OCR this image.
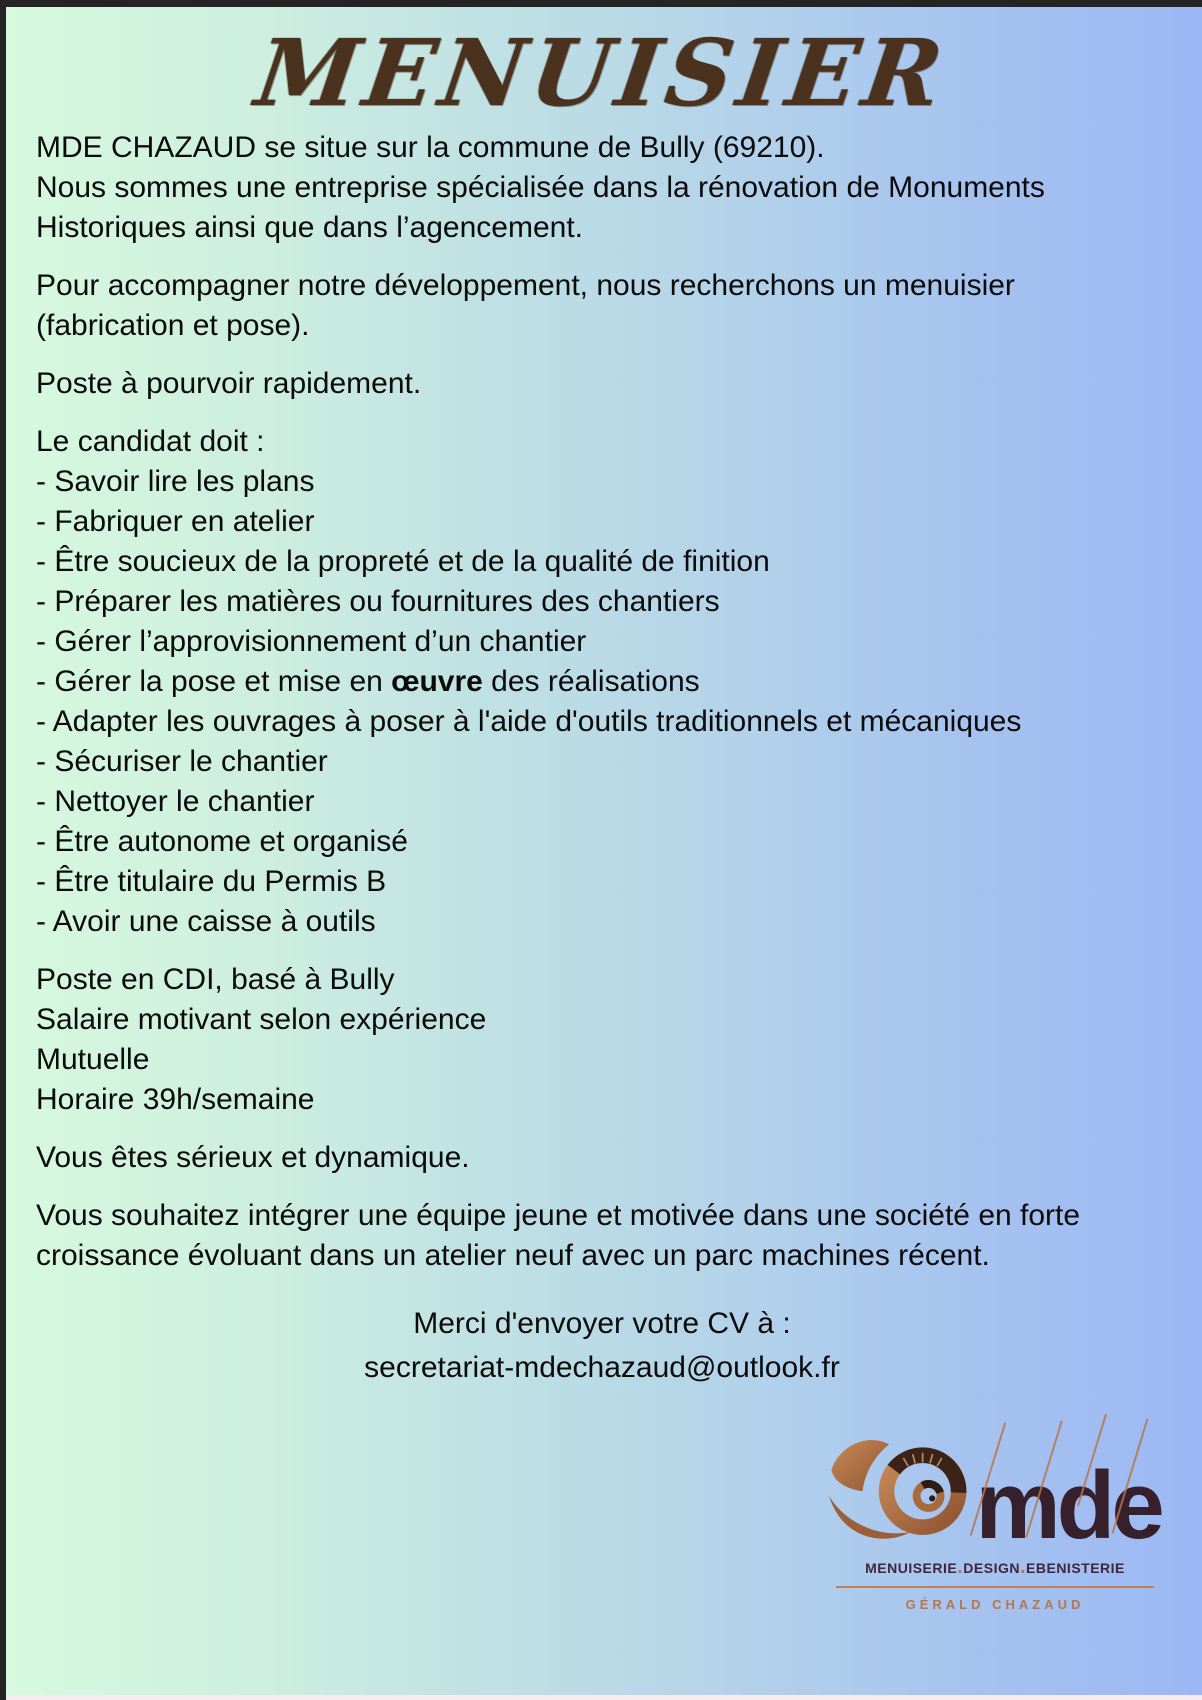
MENUISIER
MDE CHAZAUD se situe sur la commune de Bully (69210).
Nous sommes une entreprise spécialisée dans la rénovation de Monuments Historiques ainsi que dans l’agencement.
Pour accompagner notre développement, nous recherchons un menuisier (fabrication et pose).
Poste à pourvoir rapidement.
Le candidat doit :
- Savoir lire les plans
- Fabriquer en atelier
- Être soucieux de la propreté et de la qualité de finition
- Préparer les matières ou fournitures des chantiers
- Gérer l’approvisionnement d’un chantier
- Gérer la pose et mise en œuvre des réalisations
- Adapter les ouvrages à poser à l'aide d'outils traditionnels et mécaniques
- Sécuriser le chantier
- Nettoyer le chantier
- Être autonome et organisé
- Être titulaire du Permis B
- Avoir une caisse à outils
Poste en CDI, basé à Bully
Salaire motivant selon expérience
Mutuelle
Horaire 39h/semaine
Vous êtes sérieux et dynamique.
Vous souhaitez intégrer une équipe jeune et motivée dans une société en forte croissance évoluant dans un atelier neuf avec un parc machines récent.
Merci d'envoyer votre CV à :
secretariat-mdechazaud@outlook.fr
mde
menuiserie.design.ebenisterie
GÉRALD CHAZAUD
